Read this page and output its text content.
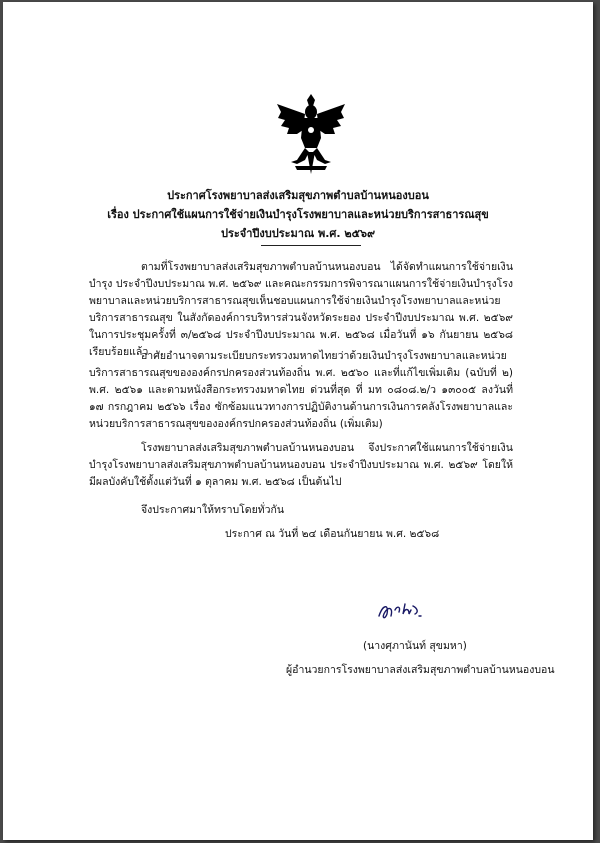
ประกาศโรงพยาบาลส่งเสริมสุขภาพตำบลบ้านหนองบอน
เรื่อง ประกาศใช้แผนการใช้จ่ายเงินบำรุงโรงพยาบาลและหน่วยบริการสาธารณสุข
ประจำปีงบประมาณ พ.ศ. ๒๕๖๙
ตามที่โรงพยาบาลส่งเสริมสุขภาพตำบลบ้านหนองบอน ได้จัดทำแผนการใช้จ่ายเงินบำรุง ประจำปีงบประมาณ พ.ศ. ๒๕๖๙ และคณะกรรมการพิจารณาแผนการใช้จ่ายเงินบำรุงโรงพยาบาลและหน่วยบริการสาธารณสุขเห็นชอบแผนการใช้จ่ายเงินบำรุงโรงพยาบาลและหน่วยบริการสาธารณสุข ในสังกัดองค์การบริหารส่วนจังหวัดระยอง ประจำปีงบประมาณ พ.ศ. ๒๕๖๙ ในการประชุมครั้งที่ ๓/๒๕๖๘ ประจำปีงบประมาณ พ.ศ. ๒๕๖๘ เมื่อวันที่ ๑๖ กันยายน ๒๕๖๘ เรียบร้อยแล้ว
อาศัยอำนาจตามระเบียบกระทรวงมหาดไทยว่าด้วยเงินบำรุงโรงพยาบาลและหน่วยบริการสาธารณสุขขององค์กรปกครองส่วนท้องถิ่น พ.ศ. ๒๕๖๐ และที่แก้ไขเพิ่มเติม (ฉบับที่ ๒) พ.ศ. ๒๕๖๑ และตามหนังสือกระทรวงมหาดไทย ด่วนที่สุด ที่ มท ๐๘๐๘.๒/ว ๑๓๐๐๕ ลงวันที่ ๑๗ กรกฎาคม ๒๕๖๖ เรื่อง ซักซ้อมแนวทางการปฏิบัติงานด้านการเงินการคลังโรงพยาบาลและหน่วยบริการสาธารณสุขขององค์กรปกครองส่วนท้องถิ่น (เพิ่มเติม)
โรงพยาบาลส่งเสริมสุขภาพตำบลบ้านหนองบอน จึงประกาศใช้แผนการใช้จ่ายเงินบำรุงโรงพยาบาลส่งเสริมสุขภาพตำบลบ้านหนองบอน ประจำปีงบประมาณ พ.ศ. ๒๕๖๙ โดยให้มีผลบังคับใช้ตั้งแต่วันที่ ๑ ตุลาคม พ.ศ. ๒๕๖๘ เป็นต้นไป
จึงประกาศมาให้ทราบโดยทั่วกัน
ประกาศ ณ วันที่ ๒๔ เดือนกันยายน พ.ศ. ๒๕๖๘
(นางศุภานันท์ สุขมหา)
ผู้อำนวยการโรงพยาบาลส่งเสริมสุขภาพตำบลบ้านหนองบอน
